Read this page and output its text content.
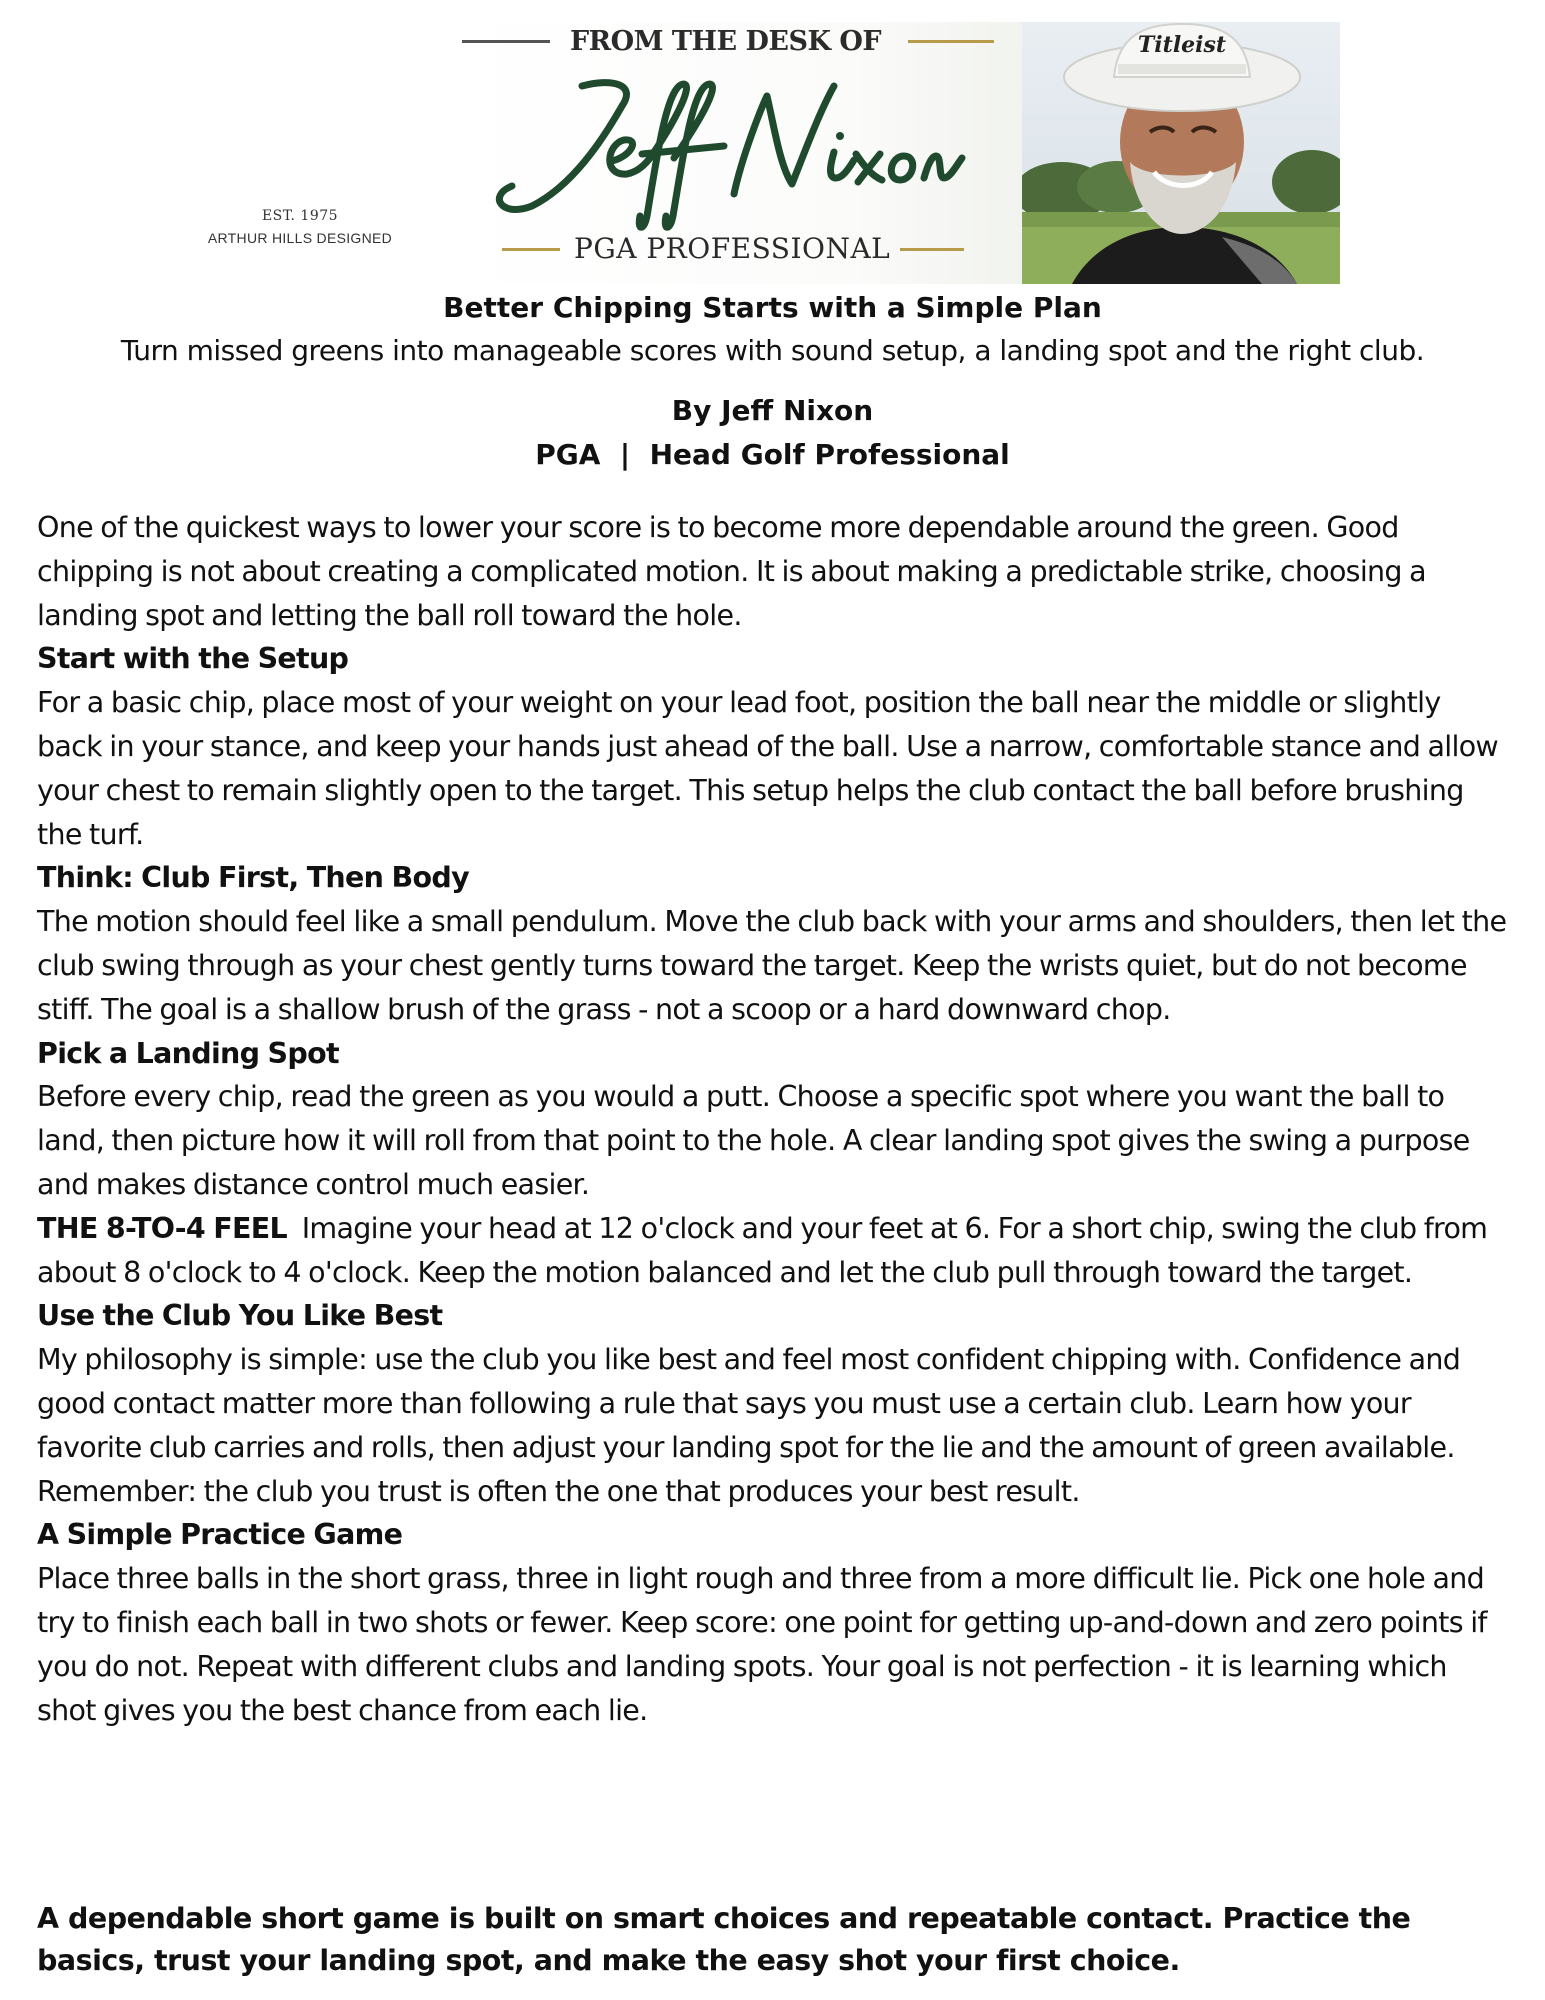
EST. 1975
ARTHUR HILLS DESIGNED
FROM THE DESK OF
PGA PROFESSIONAL
Titleist
Better Chipping Starts with a Simple Plan
Turn missed greens into manageable scores with sound setup, a landing spot and the right club.
By Jeff Nixon
PGA  |  Head Golf Professional

One of the quickest ways to lower your score is to become more dependable around the green. Good chipping is not about creating a complicated motion. It is about making a predictable strike, choosing a landing spot and letting the ball roll toward the hole.

Start with the Setup

For a basic chip, place most of your weight on your lead foot, position the ball near the middle or slightly back in your stance, and keep your hands just ahead of the ball. Use a narrow, comfortable stance and allow your chest to remain slightly open to the target. This setup helps the club contact the ball before brushing the turf.

Think: Club First, Then Body

The motion should feel like a small pendulum. Move the club back with your arms and shoulders, then let the club swing through as your chest gently turns toward the target. Keep the wrists quiet, but do not become stiff. The goal is a shallow brush of the grass - not a scoop or a hard downward chop.

Pick a Landing Spot

Before every chip, read the green as you would a putt. Choose a specific spot where you want the ball to land, then picture how it will roll from that point to the hole. A clear landing spot gives the swing a purpose and makes distance control much easier.

THE 8-TO-4 FEEL Imagine your head at 12 o'clock and your feet at 6. For a short chip, swing the club from about 8 o'clock to 4 o'clock. Keep the motion balanced and let the club pull through toward the target.

Use the Club You Like Best

My philosophy is simple: use the club you like best and feel most confident chipping with. Confidence and good contact matter more than following a rule that says you must use a certain club. Learn how your favorite club carries and rolls, then adjust your landing spot for the lie and the amount of green available. Remember: the club you trust is often the one that produces your best result.

A Simple Practice Game

Place three balls in the short grass, three in light rough and three from a more difficult lie. Pick one hole and try to finish each ball in two shots or fewer. Keep score: one point for getting up-and-down and zero points if you do not. Repeat with different clubs and landing spots. Your goal is not perfection - it is learning which shot gives you the best chance from each lie.

A dependable short game is built on smart choices and repeatable contact. Practice the basics, trust your landing spot, and make the easy shot your first choice.
